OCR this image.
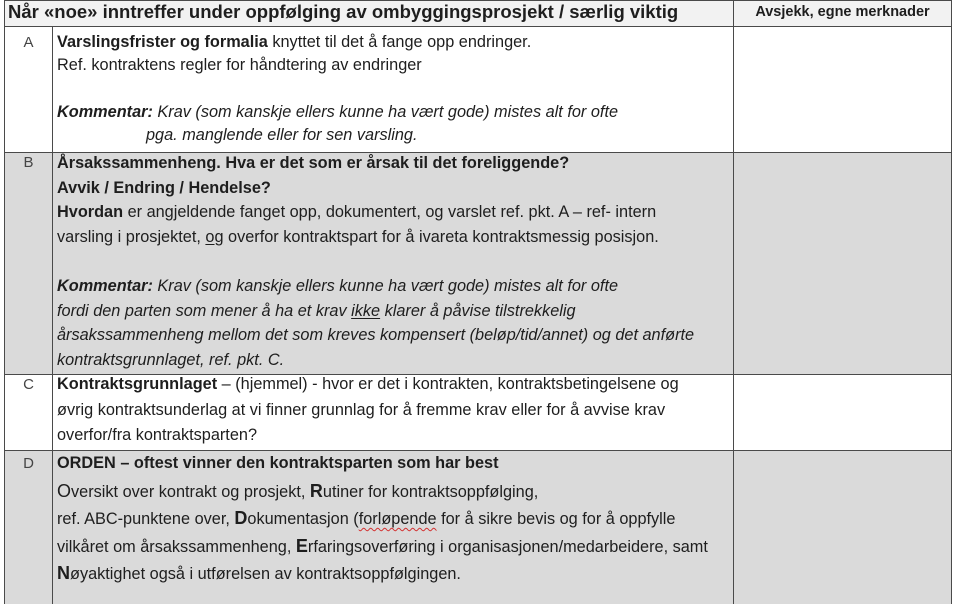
Når «noe» inntreffer under oppfølging av ombyggingsprosjekt / særlig viktig	Avsjekk, egne merknader
A	Varslingsfrister og formalia knyttet til det å fange opp endringer.
Ref. kontraktens regler for håndtering av endringer
Kommentar: Krav (som kanskje ellers kunne ha vært gode) mistes alt for ofte
pga. manglende eller for sen varsling.
B	Årsakssammenheng. Hva er det som er årsak til det foreliggende?
Avvik / Endring / Hendelse?
Hvordan er angjeldende fanget opp, dokumentert, og varslet ref. pkt. A – ref- intern
varsling i prosjektet, og overfor kontraktspart for å ivareta kontraktsmessig posisjon.
Kommentar: Krav (som kanskje ellers kunne ha vært gode) mistes alt for ofte
fordi den parten som mener å ha et krav ikke klarer å påvise tilstrekkelig
årsakssammenheng mellom det som kreves kompensert (beløp/tid/annet) og det anførte
kontraktsgrunnlaget, ref. pkt. C.
C	Kontraktsgrunnlaget – (hjemmel) - hvor er det i kontrakten, kontraktsbetingelsene og
øvrig kontraktsunderlag at vi finner grunnlag for å fremme krav eller for å avvise krav
overfor/fra kontraktsparten?
D	ORDEN – oftest vinner den kontraktsparten som har best
Oversikt over kontrakt og prosjekt, Rutiner for kontraktsoppfølging,
ref. ABC-punktene over, Dokumentasjon (forløpende for å sikre bevis og for å oppfylle
vilkåret om årsakssammenheng, Erfaringsoverføring i organisasjonen/medarbeidere, samt
Nøyaktighet også i utførelsen av kontraktsoppfølgingen.
